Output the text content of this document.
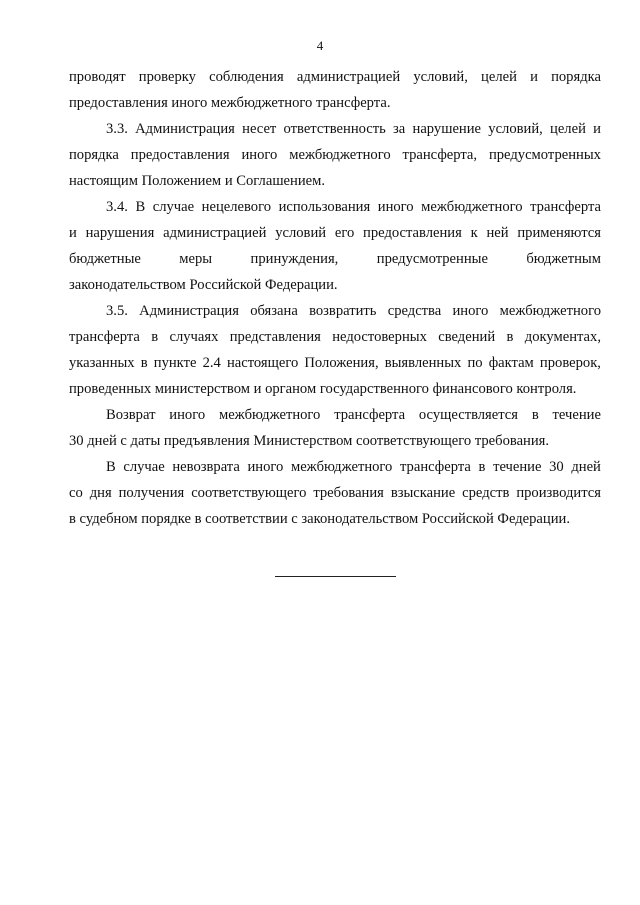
4
проводят проверку соблюдения администрацией условий, целей и порядка
предоставления иного межбюджетного трансферта.
3.3. Администрация несет ответственность за нарушение условий, целей и
порядка предоставления иного межбюджетного трансферта, предусмотренных
настоящим Положением и Соглашением.
3.4. В случае нецелевого использования иного межбюджетного трансферта
и нарушения администрацией условий его предоставления к ней применяются
бюджетные	меры	принуждения,	предусмотренные	бюджетным
законодательством Российской Федерации.
3.5. Администрация обязана возвратить средства иного межбюджетного
трансферта в случаях представления недостоверных сведений в документах,
указанных в пункте 2.4 настоящего Положения, выявленных по фактам проверок,
проведенных министерством и органом государственного финансового контроля.
Возврат иного межбюджетного трансферта осуществляется в течение
30 дней с даты предъявления Министерством соответствующего требования.
В случае невозврата иного межбюджетного трансферта в течение 30 дней
со дня получения соответствующего требования взыскание средств производится
в судебном порядке в соответствии с законодательством Российской Федерации.
